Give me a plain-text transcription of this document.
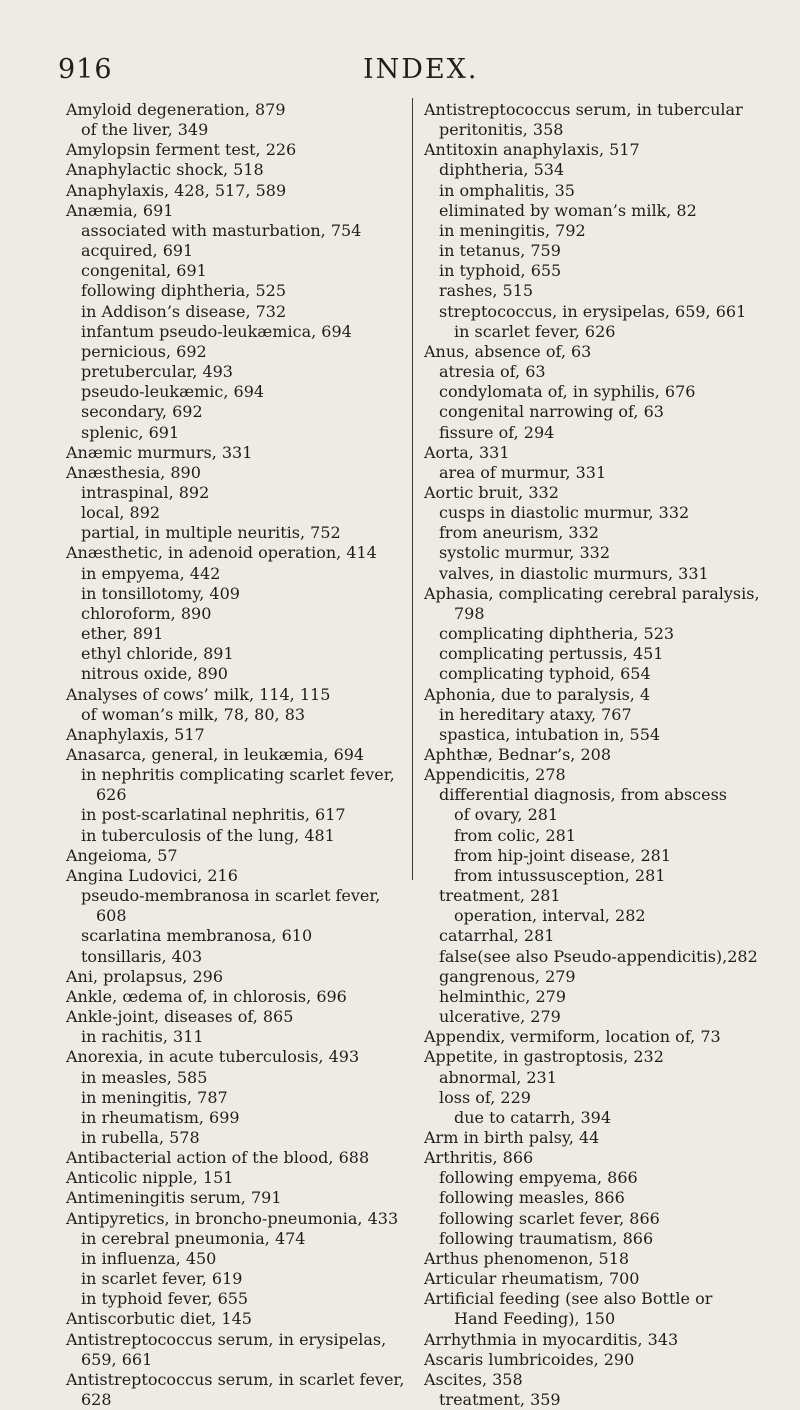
916	INDEX.
Amyloid degeneration, 879
of the liver, 349
Amylopsin ferment test, 226
Anaphylactic shock, 518
Anaphylaxis, 428, 517, 589
Anæmia, 691
associated with masturbation, 754
acquired, 691
congenital, 691
following diphtheria, 525
in Addison’s disease, 732
infantum pseudo-leukæmica, 694
pernicious, 692
pretubercular, 493
pseudo-leukæmic, 694
secondary, 692
splenic, 691
Anæmic murmurs, 331
Anæsthesia, 890
intraspinal, 892
local, 892
partial, in multiple neuritis, 752
Anæsthetic, in adenoid operation, 414
in empyema, 442
in tonsillotomy, 409
chloroform, 890
ether, 891
ethyl chloride, 891
nitrous oxide, 890
Analyses of cows’ milk, 114, 115
of woman’s milk, 78, 80, 83
Anaphylaxis, 517
Anasarca, general, in leukæmia, 694
in nephritis complicating scarlet fever,
626
in post-scarlatinal nephritis, 617
in tuberculosis of the lung, 481
Angeioma, 57
Angina Ludovici, 216
pseudo-membranosa in scarlet fever,
608
scarlatina membranosa, 610
tonsillaris, 403
Ani, prolapsus, 296
Ankle, œdema of, in chlorosis, 696
Ankle-joint, diseases of, 865
in rachitis, 311
Anorexia, in acute tuberculosis, 493
in measles, 585
in meningitis, 787
in rheumatism, 699
in rubella, 578
Antibacterial action of the blood, 688
Anticolic nipple, 151
Antimeningitis serum, 791
Antipyretics, in broncho-pneumonia, 433
in cerebral pneumonia, 474
in influenza, 450
in scarlet fever, 619
in typhoid fever, 655
Antiscorbutic diet, 145
Antistreptococcus serum, in erysipelas,
659, 661
Antistreptococcus serum, in scarlet fever,
628
Antistreptococcus serum, in tubercular
peritonitis, 358
Antitoxin anaphylaxis, 517
diphtheria, 534
in omphalitis, 35
eliminated by woman’s milk, 82
in meningitis, 792
in tetanus, 759
in typhoid, 655
rashes, 515
streptococcus, in erysipelas, 659, 661
in scarlet fever, 626
Anus, absence of, 63
atresia of, 63
condylomata of, in syphilis, 676
congenital narrowing of, 63
fissure of, 294
Aorta, 331
area of murmur, 331
Aortic bruit, 332
cusps in diastolic murmur, 332
from aneurism, 332
systolic murmur, 332
valves, in diastolic murmurs, 331
Aphasia, complicating cerebral paralysis,
798
complicating diphtheria, 523
complicating pertussis, 451
complicating typhoid, 654
Aphonia, due to paralysis, 4
in hereditary ataxy, 767
spastica, intubation in, 554
Aphthæ, Bednar’s, 208
Appendicitis, 278
differential diagnosis, from abscess
of ovary, 281
from colic, 281
from hip-joint disease, 281
from intussusception, 281
treatment, 281
operation, interval, 282
catarrhal, 281
false(see also Pseudo-appendicitis),282
gangrenous, 279
helminthic, 279
ulcerative, 279
Appendix, vermiform, location of, 73
Appetite, in gastroptosis, 232
abnormal, 231
loss of, 229
due to catarrh, 394
Arm in birth palsy, 44
Arthritis, 866
following empyema, 866
following measles, 866
following scarlet fever, 866
following traumatism, 866
Arthus phenomenon, 518
Articular rheumatism, 700
Artificial feeding (see also Bottle or
Hand Feeding), 150
Arrhythmia in myocarditis, 343
Ascaris lumbricoides, 290
Ascites, 358
treatment, 359
